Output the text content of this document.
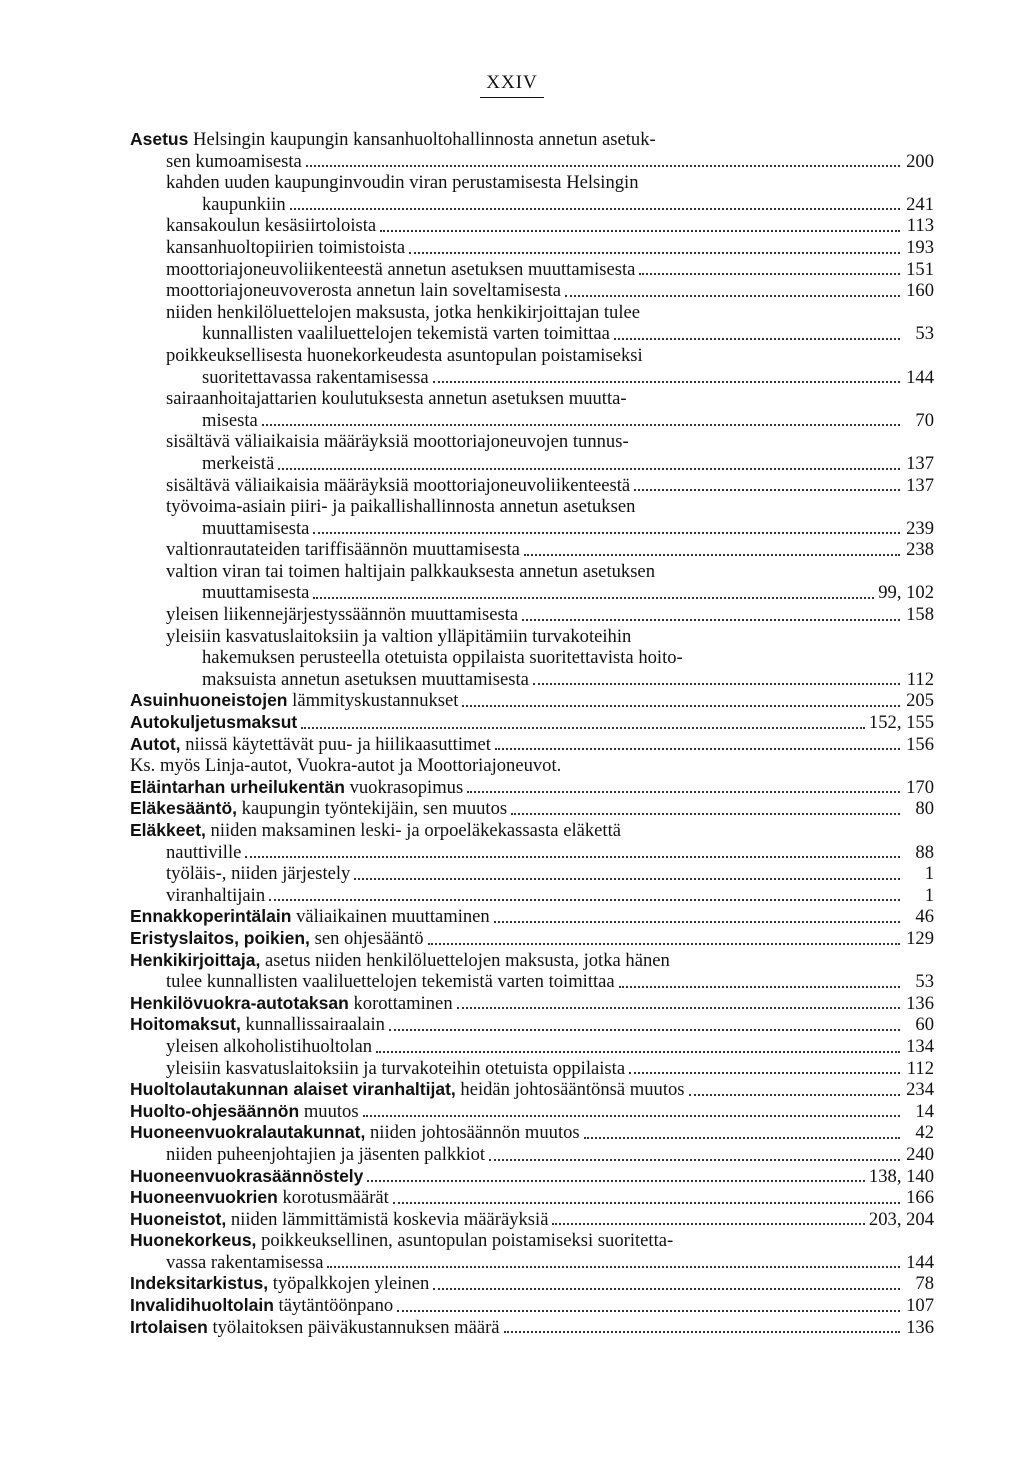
XXIV
Asetus
Helsingin kaupungin kansanhuoltohallinnosta annetun asetuk-
sen kumoamisesta	200
kahden uuden kaupunginvoudin viran perustamisesta Helsingin
kaupunkiin	241
kansakoulun kesäsiirtoloista	113
kansanhuoltopiirien toimistoista	193
moottoriajoneuvoliikenteestä annetun asetuksen muuttamisesta	151
moottoriajoneuvoverosta annetun lain soveltamisesta	160
niiden henkilöluettelojen maksusta, jotka henkikirjoittajan tulee
kunnallisten vaaliluettelojen tekemistä varten toimittaa	53
poikkeuksellisesta huonekorkeudesta asuntopulan poistamiseksi
suoritettavassa rakentamisessa	144
sairaanhoitajattarien koulutuksesta annetun asetuksen muutta-
misesta	70
sisältävä väliaikaisia määräyksiä moottoriajoneuvojen tunnus-
merkeistä	137
sisältävä väliaikaisia määräyksiä moottoriajoneuvoliikenteestä	137
työvoima-asiain piiri- ja paikallishallinnosta annetun asetuksen
muuttamisesta	239
valtionrautateiden tariffisäännön muuttamisesta	238
valtion viran tai toimen haltijain palkkauksesta annetun asetuksen
muuttamisesta	99, 102
yleisen liikennejärjestyssäännön muuttamisesta	158
yleisiin kasvatuslaitoksiin ja valtion ylläpitämiin turvakoteihin
hakemuksen perusteella otetuista oppilaista suoritettavista hoito-
maksuista annetun asetuksen muuttamisesta	112
Asuinhuoneistojen
lämmityskustannukset	205
Autokuljetusmaksut	152, 155
Autot,
niissä käytettävät puu- ja hiilikaasuttimet	156
Ks. myös Linja-autot, Vuokra-autot ja Moottoriajoneuvot.
Eläintarhan urheilukentän
vuokrasopimus	170
Eläkesääntö,
kaupungin työntekijäin, sen muutos	80
Eläkkeet,
niiden maksaminen leski- ja orpoeläkekassasta eläkettä
nauttiville	88
työläis-, niiden järjestely	1
viranhaltijain	1
Ennakkoperintälain
väliaikainen muuttaminen	46
Eristyslaitos, poikien,
sen ohjesääntö	129
Henkikirjoittaja,
asetus niiden henkilöluettelojen maksusta, jotka hänen
tulee kunnallisten vaaliluettelojen tekemistä varten toimittaa	53
Henkilövuokra-autotaksan
korottaminen	136
Hoitomaksut,
kunnallissairaalain	60
yleisen alkoholistihuoltolan	134
yleisiin kasvatuslaitoksiin ja turvakoteihin otetuista oppilaista	112
Huoltolautakunnan alaiset viranhaltijat,
heidän johtosääntönsä muutos	234
Huolto-ohjesäännön
muutos	14
Huoneenvuokralautakunnat,
niiden johtosäännön muutos	42
niiden puheenjohtajien ja jäsenten palkkiot	240
Huoneenvuokrasäännöstely	138, 140
Huoneenvuokrien
korotusmäärät	166
Huoneistot,
niiden lämmittämistä koskevia määräyksiä	203, 204
Huonekorkeus,
poikkeuksellinen, asuntopulan poistamiseksi suoritetta-
vassa rakentamisessa	144
Indeksitarkistus,
työpalkkojen yleinen	78
Invalidihuoltolain
täytäntöönpano	107
Irtolaisen
työlaitoksen päiväkustannuksen määrä	136
